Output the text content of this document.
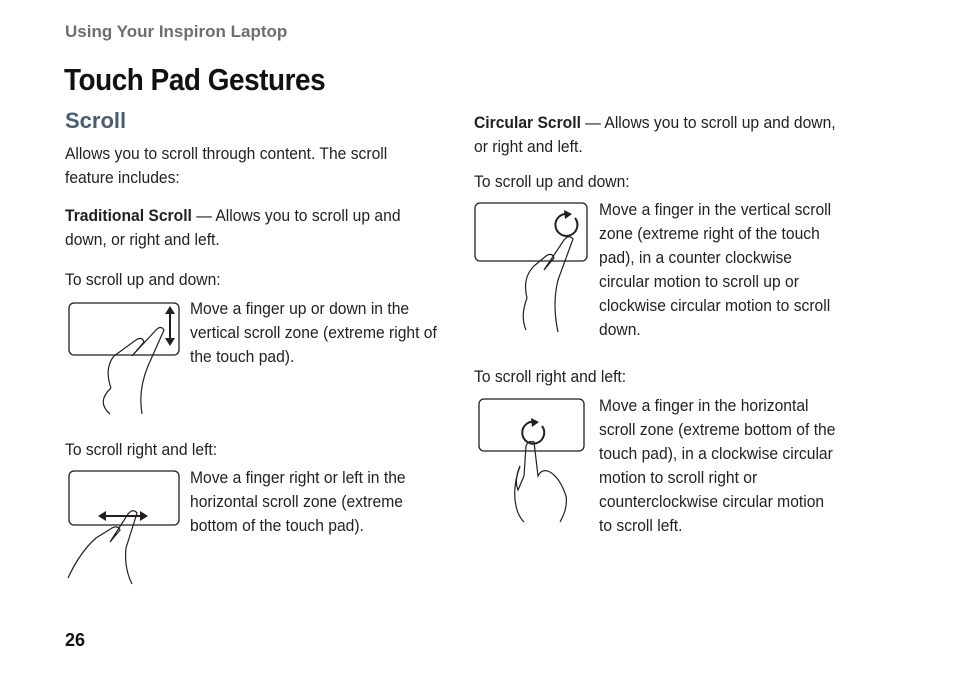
Using Your Inspiron Laptop
Touch Pad Gestures
Scroll
Allows you to scroll through content. The scroll feature includes:
Traditional Scroll — Allows you to scroll up and down, or right and left.
To scroll up and down:
Move a finger up or down in the vertical scroll zone (extreme right of the touch pad).
To scroll right and left:
Move a finger right or left in the horizontal scroll zone (extreme bottom of the touch pad).
Circular Scroll — Allows you to scroll up and down, or right and left.
To scroll up and down:
Move a finger in the vertical scroll zone (extreme right of the touch pad), in a counter clockwise circular motion to scroll up or clockwise circular motion to scroll down.
To scroll right and left:
Move a finger in the horizontal scroll zone (extreme bottom of the touch pad), in a clockwise circular motion to scroll right or counterclockwise circular motion to scroll left.
26
